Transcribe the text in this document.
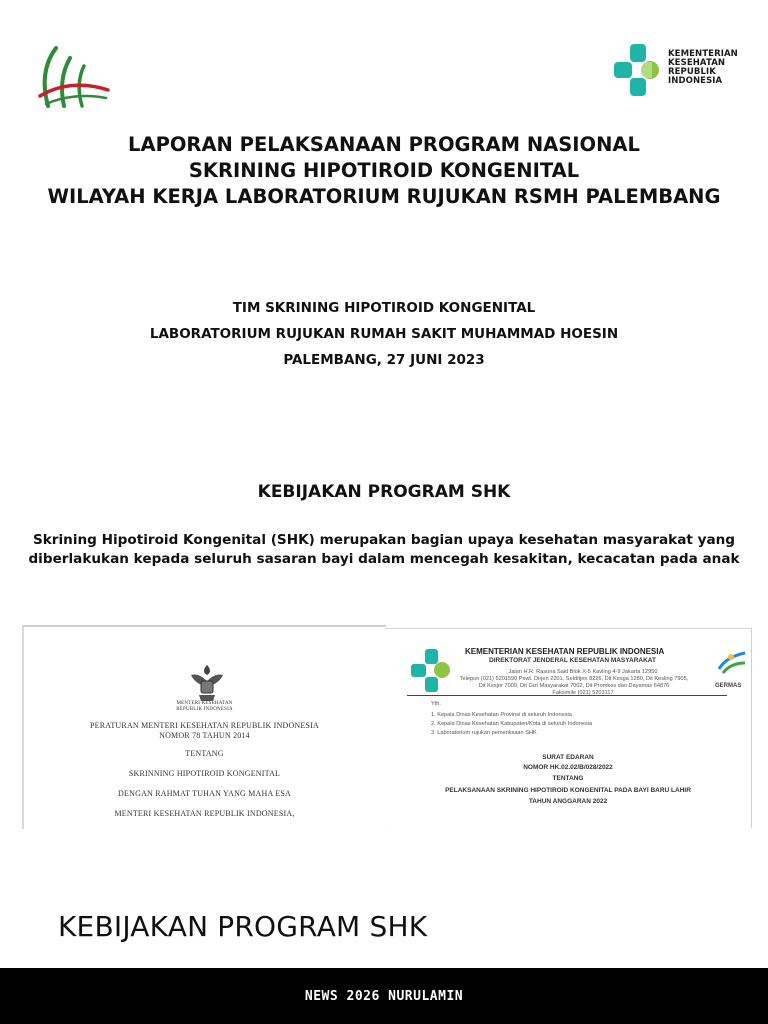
KEMENTERIAN
KESEHATAN
REPUBLIK
INDONESIA
LAPORAN PELAKSANAAN PROGRAM NASIONAL
SKRINING HIPOTIROID KONGENITAL
WILAYAH KERJA LABORATORIUM RUJUKAN RSMH PALEMBANG
TIM SKRINING HIPOTIROID KONGENITAL
LABORATORIUM RUJUKAN RUMAH SAKIT MUHAMMAD HOESIN
PALEMBANG, 27 JUNI 2023
KEBIJAKAN PROGRAM SHK
Skrining Hipotiroid Kongenital (SHK) merupakan bagian upaya kesehatan masyarakat yang
diberlakukan kepada seluruh sasaran bayi dalam mencegah kesakitan, kecacatan pada anak
MENTERI KESEHATAN
REPUBLIK INDONESIA
PERATURAN MENTERI KESEHATAN REPUBLIK INDONESIA
NOMOR 78 TAHUN 2014
TENTANG
SKRINNING HIPOTIROID KONGENITAL
DENGAN RAHMAT TUHAN YANG MAHA ESA
MENTERI KESEHATAN REPUBLIK INDONESIA,
KEMENTERIAN KESEHATAN REPUBLIK INDONESIA
DIREKTORAT JENDERAL KESEHATAN MASYARAKAT
Jalan H.R. Rasuna Said Blok X-5 Kavling 4-9 Jakarta 12950
Telepon (021) 5201590 Pswt. Dirjen 2201, Setditjen 8226, Dit Kesga 1280, Dit Kesling 7905,
Dit Kesjor 7009, Dit Gizi Masyarakat 7002, Dit Promkes dan Dayamas 64876
Faksimile (021) 5203117
GERMAS
Yth.
1. Kepala Dinas Kesehatan Provinsi di seluruh Indonesia
2. Kepala Dinas Kesehatan Kabupaten/Kota di seluruh Indonesia
3. Laboratorium rujukan pemeriksaan SHK
SURAT EDARAN
NOMOR HK.02.02/B/028/2022
TENTANG
PELAKSANAAN SKRINING HIPOTIROID KONGENITAL PADA BAYI BARU LAHIR
TAHUN ANGGARAN 2022
KEBIJAKAN PROGRAM SHK
NEWS 2026 NURULAMIN
